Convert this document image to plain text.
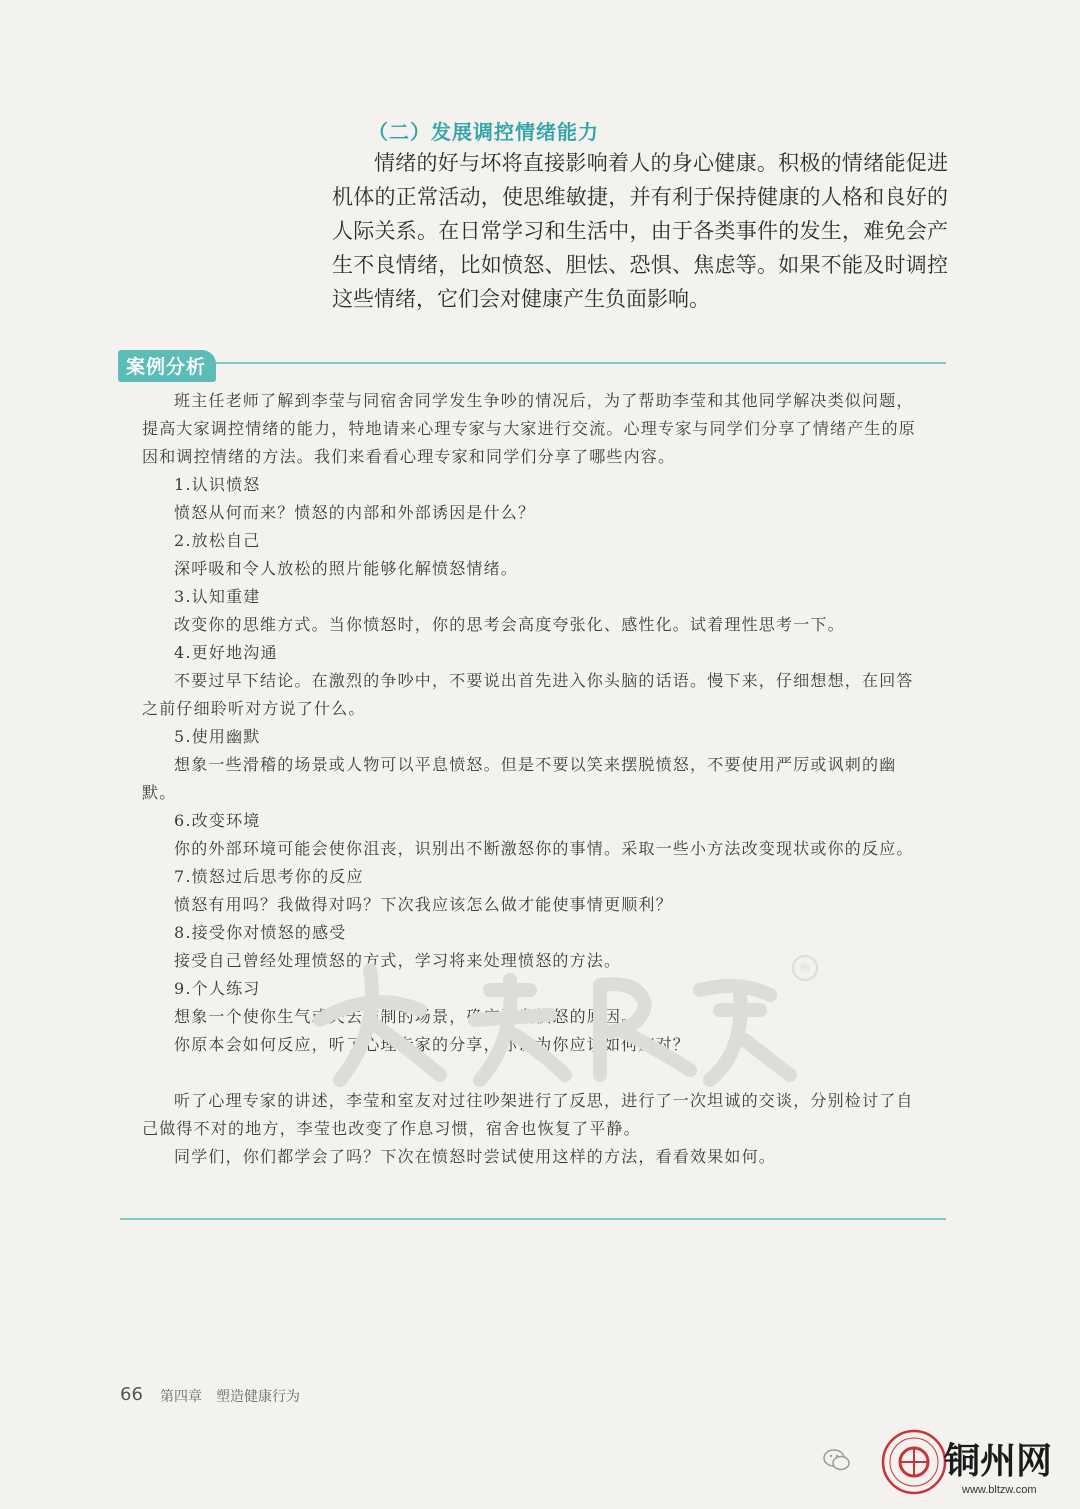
（二）发展调控情绪能力

情绪的好与坏将直接影响着人的身心健康。积极的情绪能促进机体的正常活动，使思维敏捷，并有利于保持健康的人格和良好的人际关系。在日常学习和生活中，由于各类事件的发生，难免会产生不良情绪，比如愤怒、胆怯、恐惧、焦虑等。如果不能及时调控这些情绪，它们会对健康产生负面影响。

案例分析

班主任老师了解到李莹与同宿舍同学发生争吵的情况后，为了帮助李莹和其他同学解决类似问题，提高大家调控情绪的能力，特地请来心理专家与大家进行交流。心理专家与同学们分享了情绪产生的原因和调控情绪的方法。我们来看看心理专家和同学们分享了哪些内容。

1.认识愤怒

愤怒从何而来？愤怒的内部和外部诱因是什么？

2.放松自己

深呼吸和令人放松的照片能够化解愤怒情绪。

3.认知重建

改变你的思维方式。当你愤怒时，你的思考会高度夸张化、感性化。试着理性思考一下。

4.更好地沟通

不要过早下结论。在激烈的争吵中，不要说出首先进入你头脑的话语。慢下来，仔细想想，在回答之前仔细聆听对方说了什么。

5.使用幽默

想象一些滑稽的场景或人物可以平息愤怒。但是不要以笑来摆脱愤怒，不要使用严厉或讽刺的幽默。

6.改变环境

你的外部环境可能会使你沮丧，识别出不断激怒你的事情。采取一些小方法改变现状或你的反应。

7.愤怒过后思考你的反应

愤怒有用吗？我做得对吗？下次我应该怎么做才能使事情更顺利？

8.接受你对愤怒的感受

接受自己曾经处理愤怒的方式，学习将来处理愤怒的方法。

9.个人练习

想象一个使你生气或失去控制的场景，确定引发愤怒的原因。

你原本会如何反应，听了心理专家的分享，你认为你应该如何应对？

听了心理专家的讲述，李莹和室友对过往吵架进行了反思，进行了一次坦诚的交谈，分别检讨了自己做得不对的地方，李莹也改变了作息习惯，宿舍也恢复了平静。

同学们，你们都学会了吗？下次在愤怒时尝试使用这样的方法，看看效果如何。

®
66 第四章 塑造健康行为
铜州网
www.bltzw.com
